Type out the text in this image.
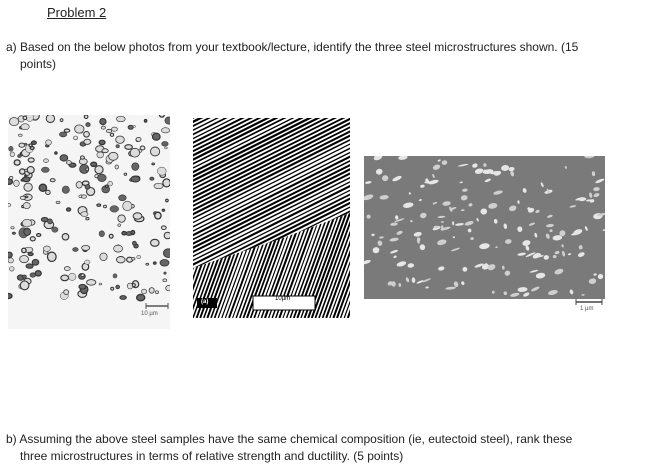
Problem 2
a) Based on the below photos from your textbook/lecture, identify the three steel microstructures shown. (15
points)
10 µm
(a)	10µm
1 µm
b) Assuming the above steel samples have the same chemical composition (ie, eutectoid steel), rank these
three microstructures in terms of relative strength and ductility. (5 points)
